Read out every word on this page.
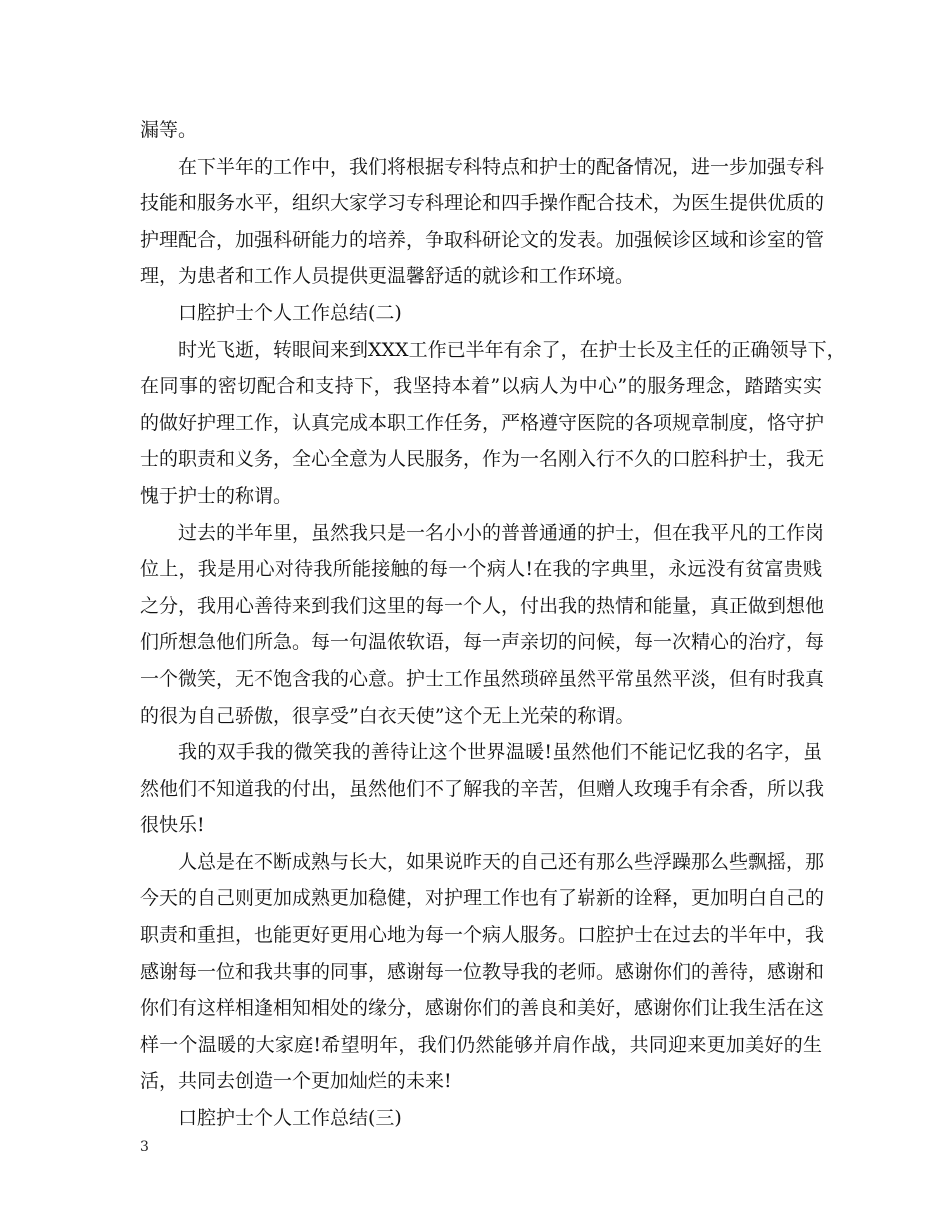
漏等。
在下半年的工作中，我们将根据专科特点和护士的配备情况，进一步加强专科
技能和服务水平，组织大家学习专科理论和四手操作配合技术，为医生提供优质的
护理配合，加强科研能力的培养，争取科研论文的发表。加强候诊区域和诊室的管
理，为患者和工作人员提供更温馨舒适的就诊和工作环境。
口腔护士个人工作总结(二)
时光飞逝，转眼间来到XXX工作已半年有余了，在护士长及主任的正确领导下，
在同事的密切配合和支持下，我坚持本着”以病人为中心”的服务理念，踏踏实实
的做好护理工作，认真完成本职工作任务，严格遵守医院的各项规章制度，恪守护
士的职责和义务，全心全意为人民服务，作为一名刚入行不久的口腔科护士，我无
愧于护士的称谓。
过去的半年里，虽然我只是一名小小的普普通通的护士，但在我平凡的工作岗
位上，我是用心对待我所能接触的每一个病人!在我的字典里，永远没有贫富贵贱
之分，我用心善待来到我们这里的每一个人，付出我的热情和能量，真正做到想他
们所想急他们所急。每一句温侬软语，每一声亲切的问候，每一次精心的治疗，每
一个微笑，无不饱含我的心意。护士工作虽然琐碎虽然平常虽然平淡，但有时我真
的很为自己骄傲，很享受”白衣天使”这个无上光荣的称谓。
我的双手我的微笑我的善待让这个世界温暖!虽然他们不能记忆我的名字，虽
然他们不知道我的付出，虽然他们不了解我的辛苦，但赠人玫瑰手有余香，所以我
很快乐!
人总是在不断成熟与长大，如果说昨天的自己还有那么些浮躁那么些飘摇，那
今天的自己则更加成熟更加稳健，对护理工作也有了崭新的诠释，更加明白自己的
职责和重担，也能更好更用心地为每一个病人服务。口腔护士在过去的半年中，我
感谢每一位和我共事的同事，感谢每一位教导我的老师。感谢你们的善待，感谢和
你们有这样相逢相知相处的缘分，感谢你们的善良和美好，感谢你们让我生活在这
样一个温暖的大家庭!希望明年，我们仍然能够并肩作战，共同迎来更加美好的生
活，共同去创造一个更加灿烂的未来!
口腔护士个人工作总结(三)
3
